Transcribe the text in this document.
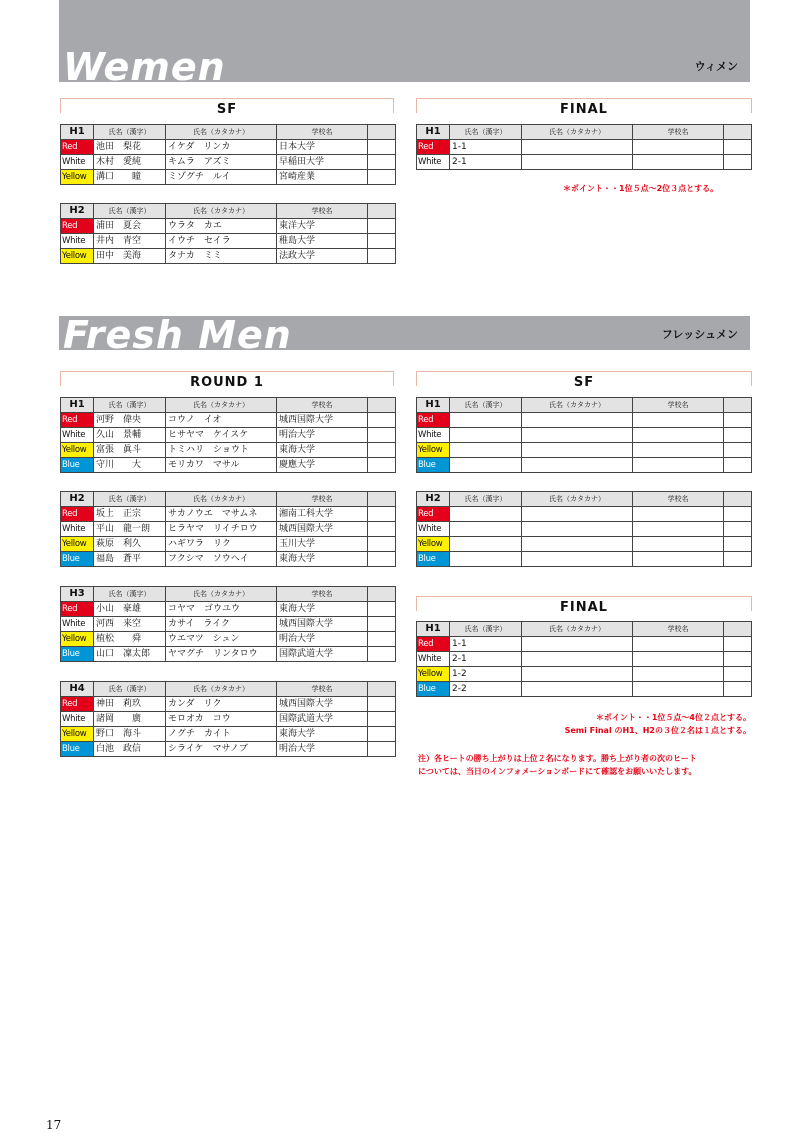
Wemen	ウィメン
SF	FINAL
H1	氏名（漢字）	氏名（カタカナ）	学校名	
Red	池田　梨花	イケダ　リンカ	日本大学	
White	木村　愛純	キムラ　アズミ	早稲田大学	
Yellow	溝口　　瞳	ミゾグチ　ルイ	宮崎産業	
H2	氏名（漢字）	氏名（カタカナ）	学校名	
Red	浦田　夏会	ウラタ　カエ	東洋大学	
White	井内　青空	イウチ　セイラ	稚島大学	
Yellow	田中　美海	タナカ　ミミ	法政大学	
H1	氏名（漢字）	氏名（カタカナ）	学校名	
Red	1-1			
White	2-1			
＊ポイント・・1位５点〜2位３点とする。
Fresh Men	フレッシュメン
ROUND 1	SF
H1	氏名（漢字）	氏名（カタカナ）	学校名	
Red	河野　偉央	コウノ　イオ	城西国際大学	
White	久山　景輔	ヒサヤマ　ケイスケ	明治大学	
Yellow	富張　眞斗	トミハリ　ショウト	東海大学	
Blue	守川　　大	モリカワ　マサル	慶應大学	
H2	氏名（漢字）	氏名（カタカナ）	学校名	
Red	坂上　正宗	サカノウエ　マサムネ	湘南工科大学	
White	平山　龍一朗	ヒラヤマ　リイチロウ	城西国際大学	
Yellow	萩原　利久	ハギワラ　リク	玉川大学	
Blue	福島　蒼平	フクシマ　ソウヘイ	東海大学	
H3	氏名（漢字）	氏名（カタカナ）	学校名	
Red	小山　豪雄	コヤマ　ゴウユウ	東海大学	
White	河西　来空	カサイ　ライク	城西国際大学	
Yellow	植松　　舜	ウエマツ　シュン	明治大学	
Blue	山口　凜太郎	ヤマグチ　リンタロウ	国際武道大学	
H4	氏名（漢字）	氏名（カタカナ）	学校名	
Red	神田　莉玖	カンダ　リク	城西国際大学	
White	諸岡　　廣	モロオカ　コウ	国際武道大学	
Yellow	野口　海斗	ノグチ　カイト	東海大学	
Blue	白池　政信	シライケ　マサノブ	明治大学	
H1	氏名（漢字）	氏名（カタカナ）	学校名	
Red				
White				
Yellow				
Blue				
H2	氏名（漢字）	氏名（カタカナ）	学校名	
Red				
White				
Yellow				
Blue				
FINAL
H1	氏名（漢字）	氏名（カタカナ）	学校名	
Red	1-1			
White	2-1			
Yellow	1-2			
Blue	2-2			
＊ポイント・・1位５点〜4位２点とする。
Semi Final のH1、H2の３位２名は１点とする。
注）各ヒートの勝ち上がりは上位２名になります。勝ち上がり者の次のヒート
については、当日のインフォメーションボードにて確認をお願いいたします。
17
